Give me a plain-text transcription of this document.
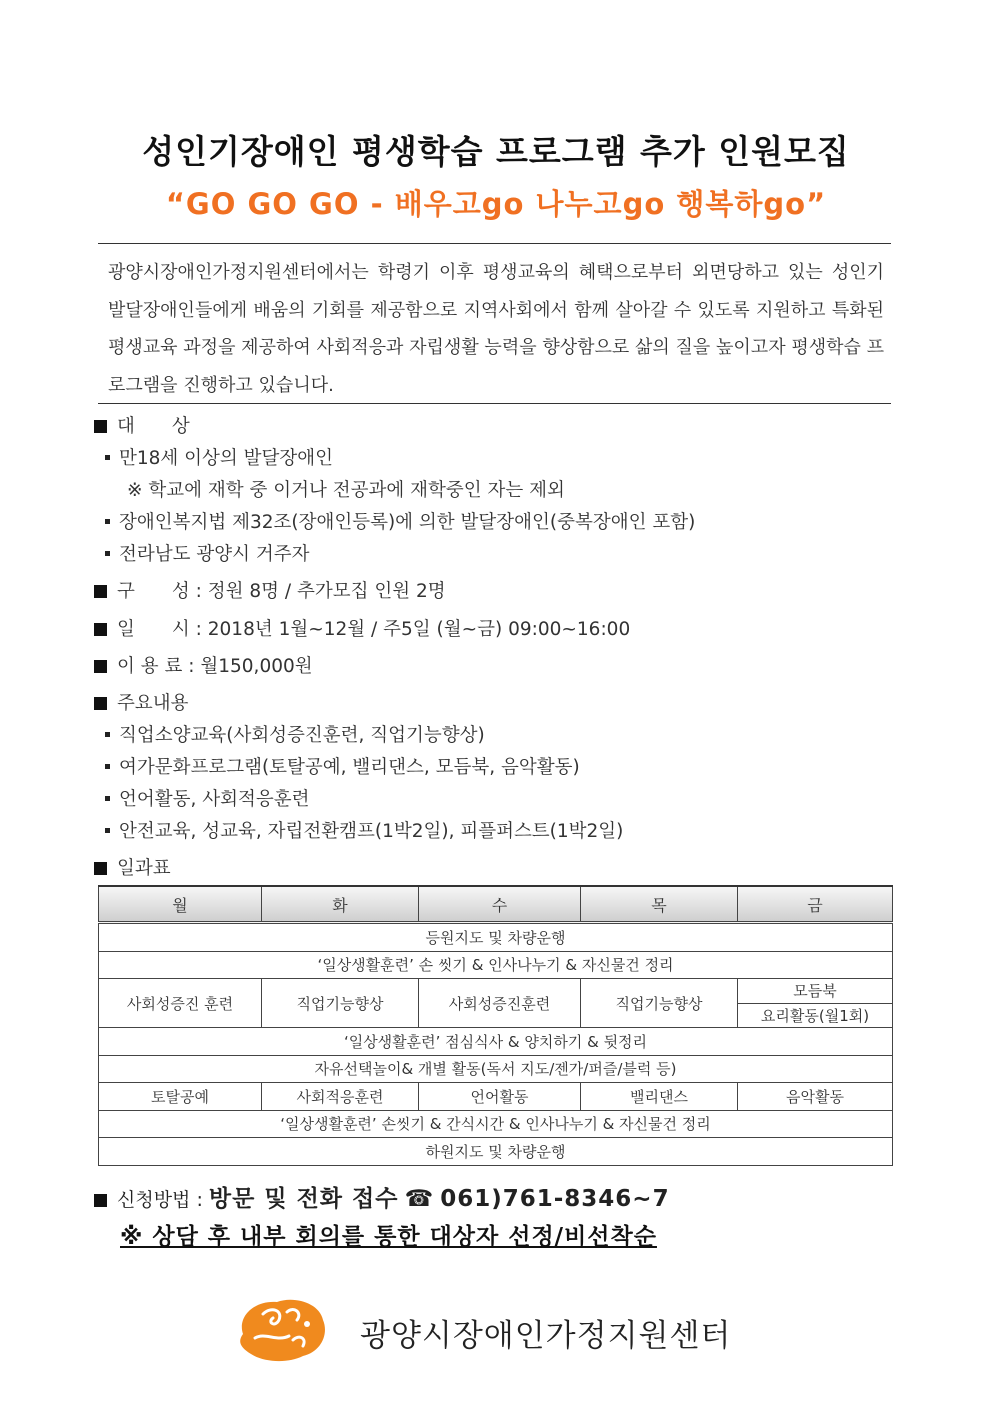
성인기장애인 평생학습 프로그램 추가 인원모집
“GO GO GO - 배우고go 나누고go 행복하go”
광양시장애인가정지원센터에서는 학령기 이후 평생교육의 혜택으로부터 외면당하고 있는 성인기 발달장애인들에게 배움의 기회를 제공함으로 지역사회에서 함께 살아갈 수 있도록 지원하고 특화된 평생교육 과정을 제공하여 사회적응과 자립생활 능력을 향상함으로 삶의 질을 높이고자 평생학습 프로그램을 진행하고 있습니다.
대　　상
만18세 이상의 발달장애인
※ 학교에 재학 중 이거나 전공과에 재학중인 자는 제외
장애인복지법 제32조(장애인등록)에 의한 발달장애인(중복장애인 포함)
전라남도 광양시 거주자
구　　성 : 정원 8명 / 추가모집 인원 2명
일　　시 : 2018년 1월~12월 / 주5일 (월~금) 09:00~16:00
이 용 료 : 월150,000원
주요내용
직업소양교육(사회성증진훈련, 직업기능향상)
여가문화프로그램(토탈공예, 밸리댄스, 모듬북, 음악활동)
언어활동, 사회적응훈련
안전교육, 성교육, 자립전환캠프(1박2일), 피플퍼스트(1박2일)
일과표
월	화	수	목	금
등원지도 및 차량운행				
‘일상생활훈련’ 손 씻기 & 인사나누기 & 자신물건 정리				
사회성증진 훈련	직업기능향상	사회성증진훈련	직업기능향상	모듬북
				요리활동(월1회)
‘일상생활훈련’ 점심식사 & 양치하기 & 뒷정리				
자유선택놀이& 개별 활동(독서 지도/젠가/퍼즐/블럭 등)				
토탈공예	사회적응훈련	언어활동	밸리댄스	음악활동
‘일상생활훈련’ 손씻기 & 간식시간 & 인사나누기 & 자신물건 정리				
하원지도 및 차량운행				
신청방법 : 방문 및 전화 접수 ☎ 061)761-8346~7
※ 상담 후 내부 회의를 통한 대상자 선정/비선착순
광양시장애인가정지원센터
